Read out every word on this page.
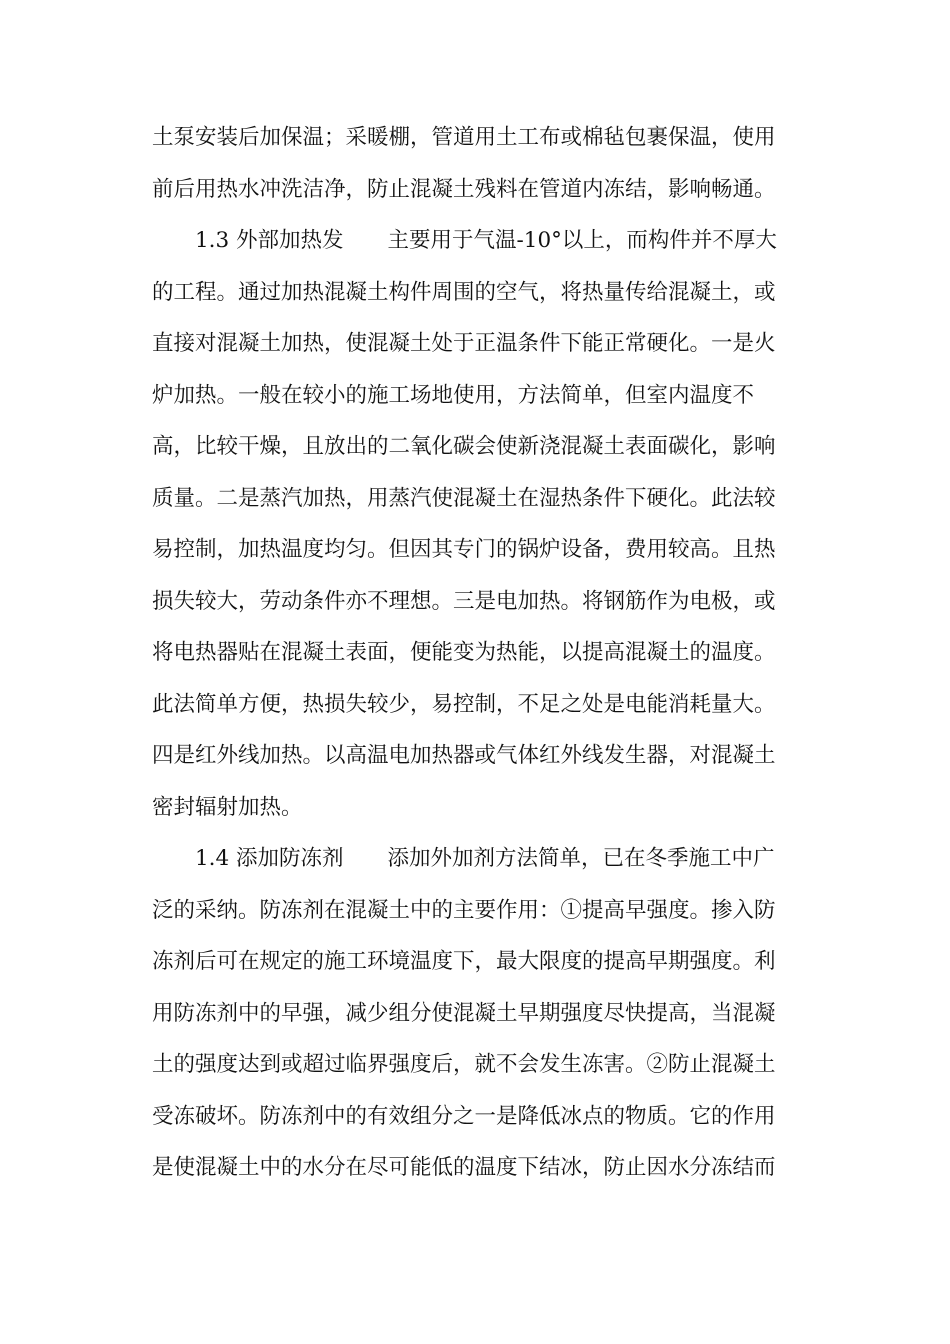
土泵安装后加保温；采暖棚，管道用土工布或棉毡包裹保温，使用
前后用热水冲洗洁净，防止混凝土残料在管道内冻结，影响畅通。
1.3 外部加热发 主要用于气温-10°以上，而构件并不厚大
的工程。通过加热混凝土构件周围的空气，将热量传给混凝土，或
直接对混凝土加热，使混凝土处于正温条件下能正常硬化。一是火
炉加热。一般在较小的施工场地使用，方法简单，但室内温度不
高，比较干燥，且放出的二氧化碳会使新浇混凝土表面碳化，影响
质量。二是蒸汽加热，用蒸汽使混凝土在湿热条件下硬化。此法较
易控制，加热温度均匀。但因其专门的锅炉设备，费用较高。且热
损失较大，劳动条件亦不理想。三是电加热。将钢筋作为电极，或
将电热器贴在混凝土表面，便能变为热能，以提高混凝土的温度。
此法简单方便，热损失较少，易控制，不足之处是电能消耗量大。
四是红外线加热。以高温电加热器或气体红外线发生器，对混凝土
密封辐射加热。
1.4 添加防冻剂 添加外加剂方法简单，已在冬季施工中广
泛的采纳。防冻剂在混凝土中的主要作用：①提高早强度。掺入防
冻剂后可在规定的施工环境温度下，最大限度的提高早期强度。利
用防冻剂中的早强，减少组分使混凝土早期强度尽快提高，当混凝
土的强度达到或超过临界强度后，就不会发生冻害。②防止混凝土
受冻破坏。防冻剂中的有效组分之一是降低冰点的物质。它的作用
是使混凝土中的水分在尽可能低的温度下结冰，防止因水分冻结而
